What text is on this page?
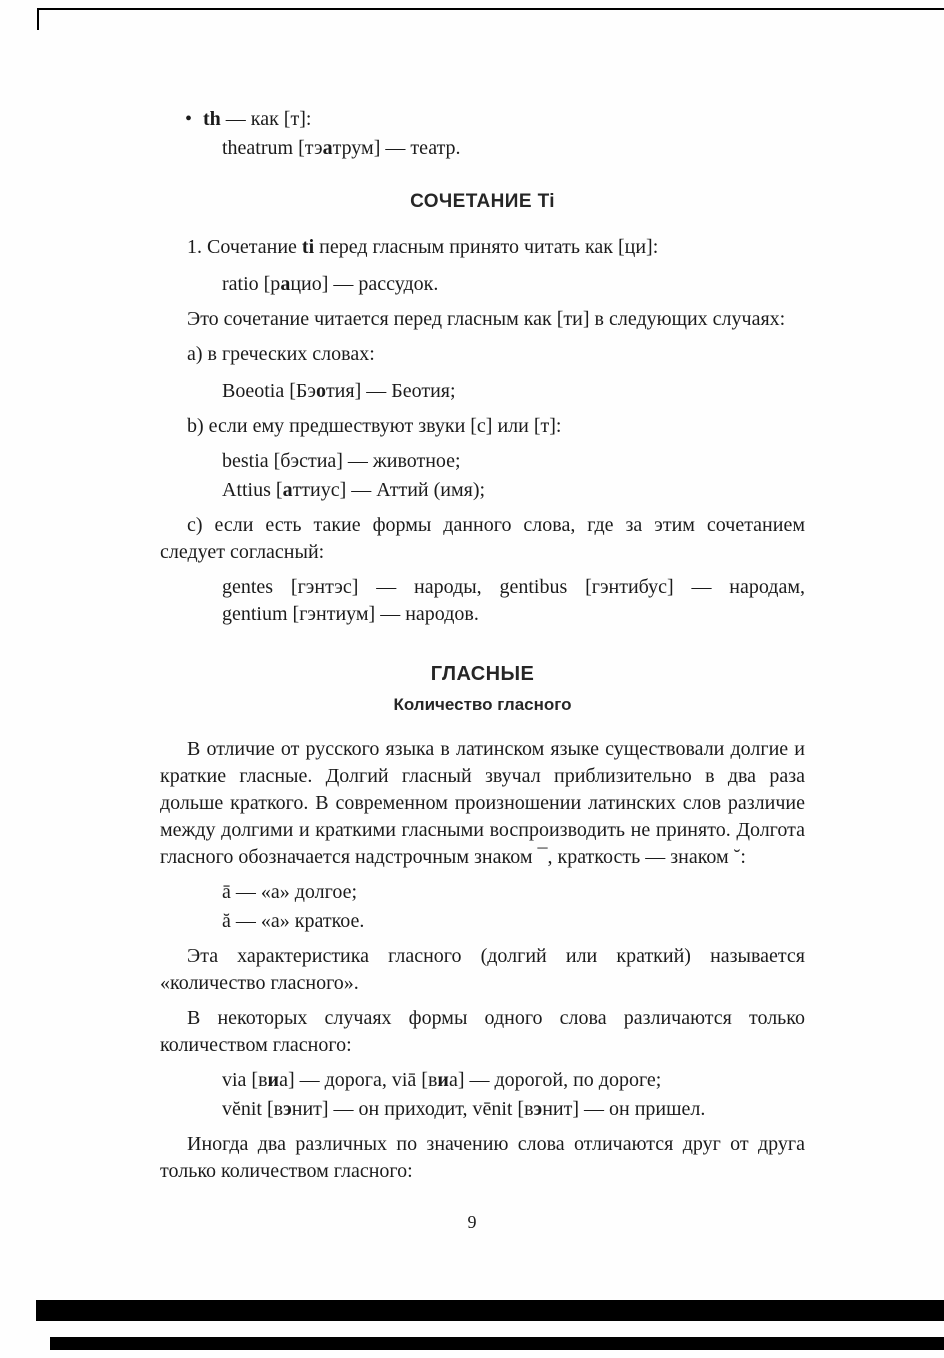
• th — как [т]:
theatrum [тэатрум] — театр.
СОЧЕТАНИЕ Ti

1. Сочетание ti перед гласным принято читать как [ци]:

ratio [рацио] — рассудок.

Это сочетание читается перед гласным как [ти] в следующих случаях:

a) в греческих словах:

Boeotia [Бэотия] — Беотия;

b) если ему предшествуют звуки [с] или [т]:

bestia [бэстиа] — животное;
Attius [аттиус] — Аттий (имя);

c) если есть такие формы данного слова, где за этим сочетанием следует согласный:

gentes [гэнтэс] — народы, gentibus [гэнтибус] — народам,
gentium [гэнтиум] — народов.
ГЛАСНЫЕ
Количество гласного

В отличие от русского языка в латинском языке существовали долгие и краткие гласные. Долгий гласный звучал приблизительно в два раза дольше краткого. В современном произношении латинских слов различие между долгими и краткими гласными воспроизводить не принято. Долгота гласного обозначается надстрочным знаком ¯, краткость — знаком ˘:

ā — «а» долгое;
ă — «а» краткое.

Эта характеристика гласного (долгий или краткий) называется «количество гласного».

В некоторых случаях формы одного слова различаются только количеством гласного:

via [виа] — дорога, viā [виа] — дорогой, по дороге;
vĕnit [вэнит] — он приходит, vēnit [вэнит] — он пришел.

Иногда два различных по значению слова отличаются друг от друга только количеством гласного:

9
